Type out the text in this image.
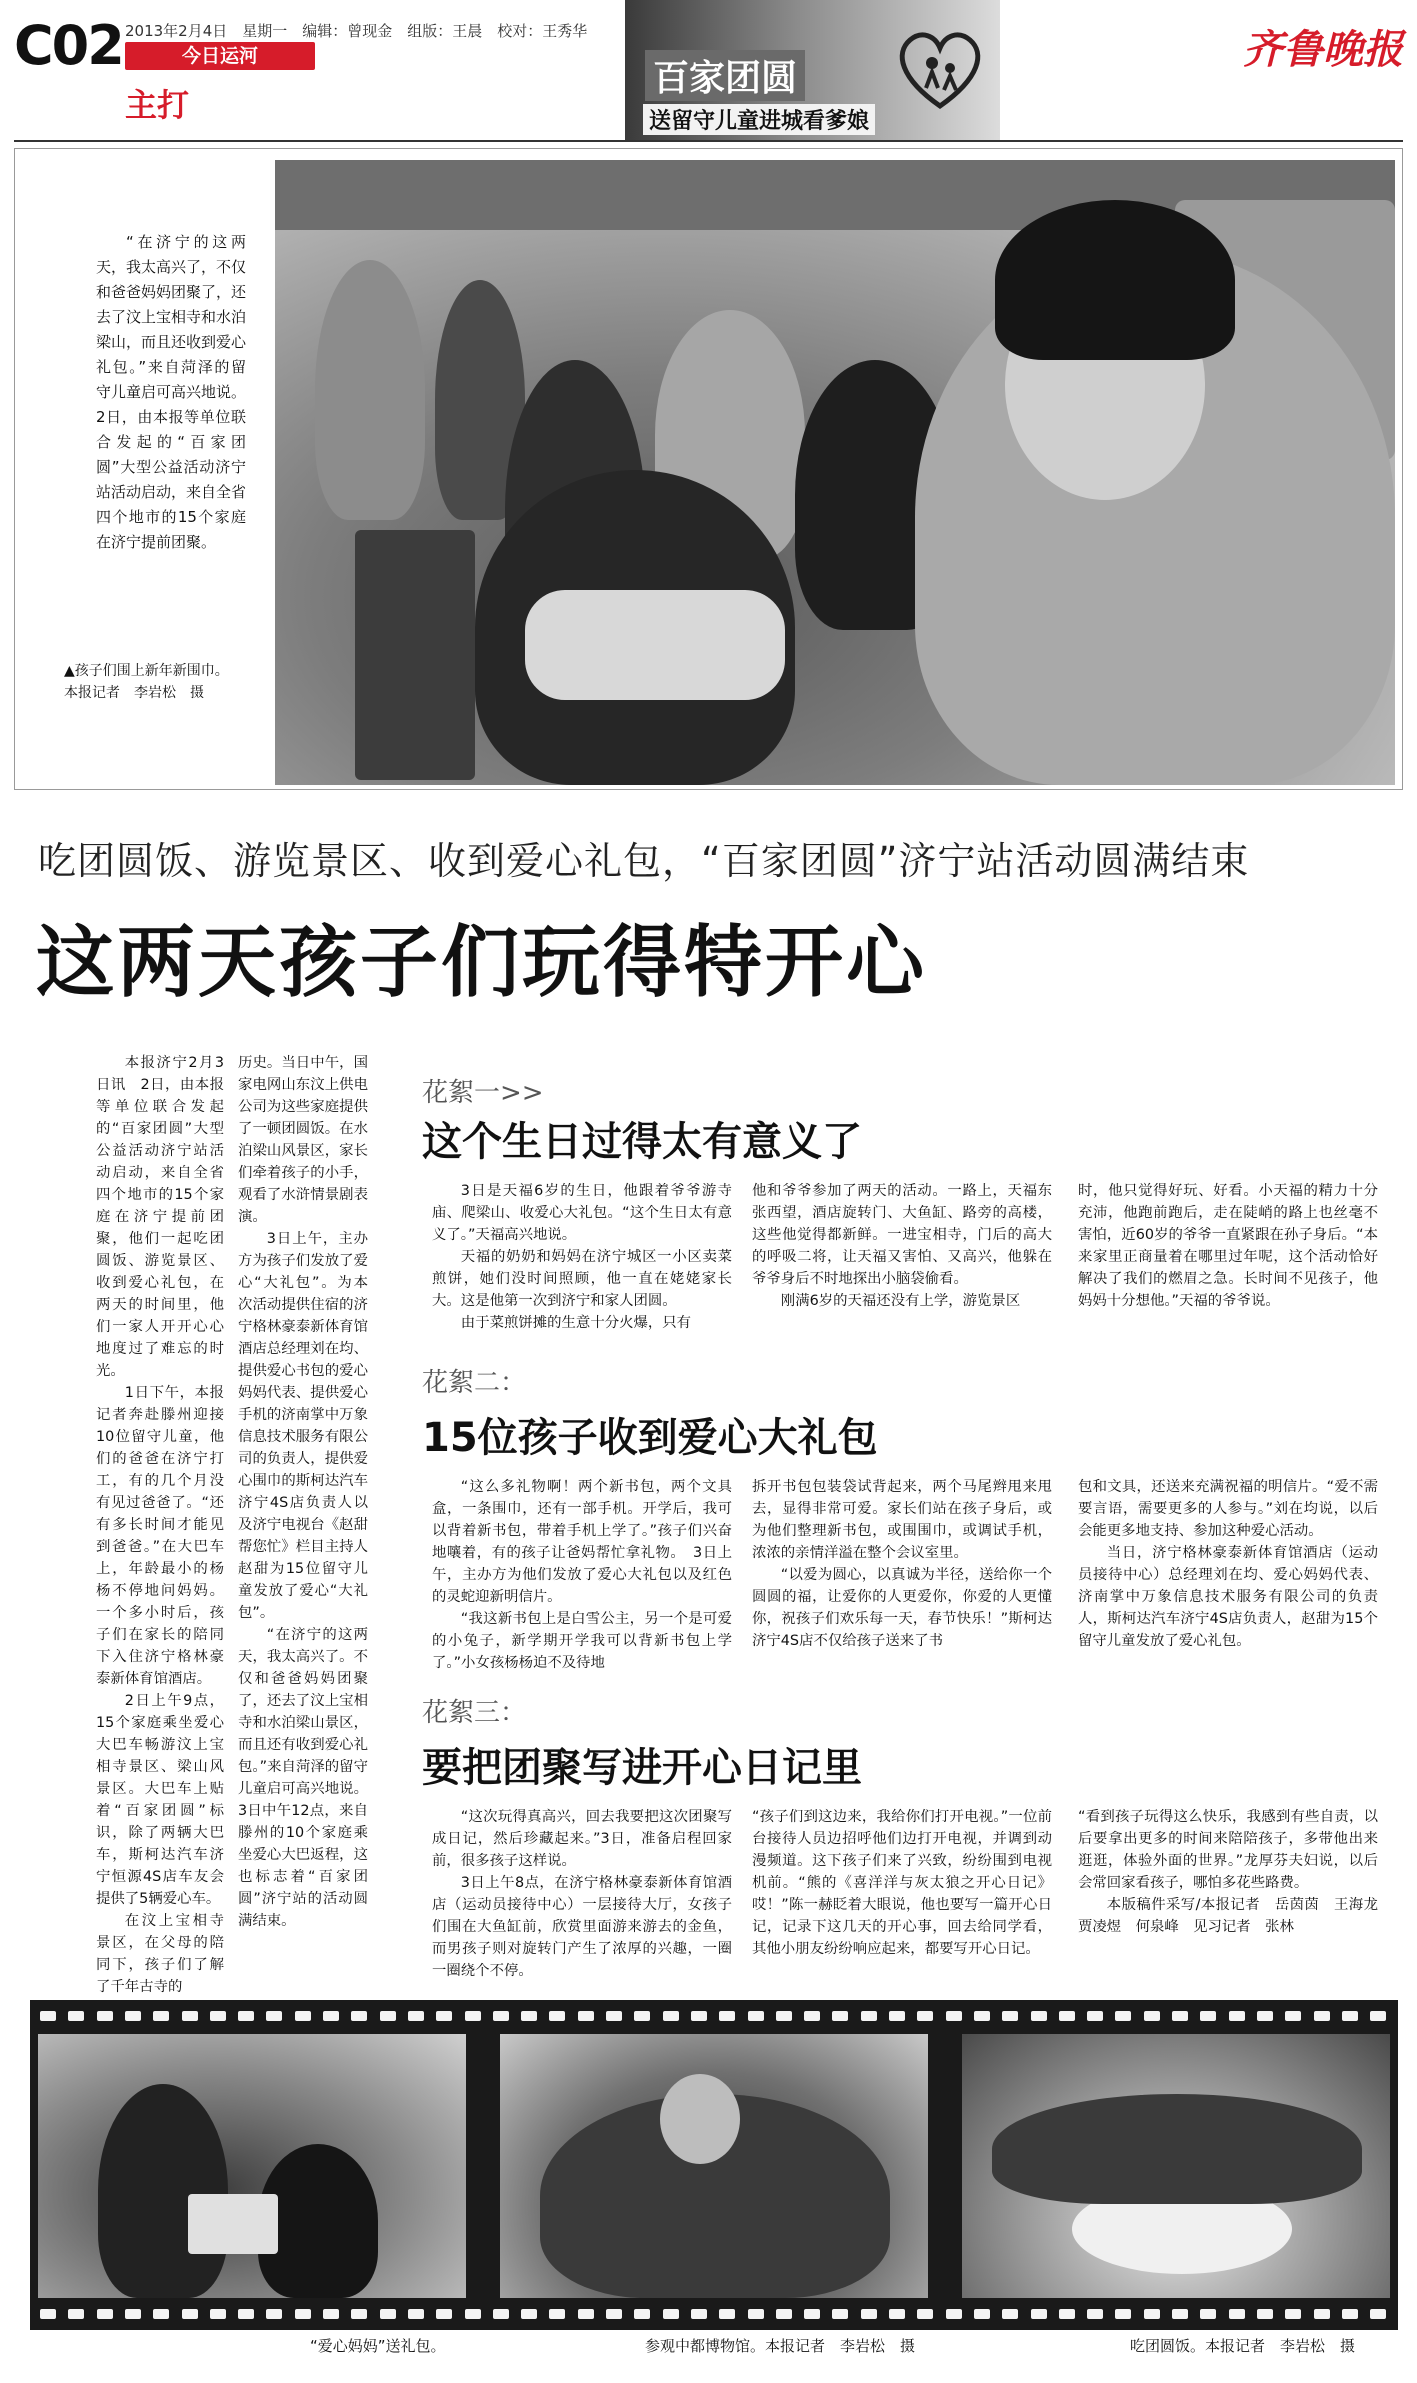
C02 2013年2月4日　星期一　编辑：曾现金　组版：王晨　校对：王秀华
今日运河
主打
百家团圆
送留守儿童进城看爹娘
齐鲁晚报
“在济宁的这两天，我太高兴了，不仅和爸爸妈妈团聚了，还去了汶上宝相寺和水泊梁山，而且还收到爱心礼包。”来自菏泽的留守儿童启可高兴地说。2日，由本报等单位联合发起的“百家团圆”大型公益活动济宁站活动启动，来自全省四个地市的15个家庭在济宁提前团聚。
▲孩子们围上新年新围巾。
本报记者　李岩松　摄
吃团圆饭、游览景区、收到爱心礼包，“百家团圆”济宁站活动圆满结束
这两天孩子们玩得特开心

本报济宁2月3日讯　2日，由本报等单位联合发起的“百家团圆”大型公益活动济宁站活动启动，来自全省四个地市的15个家庭在济宁提前团聚，他们一起吃团圆饭、游览景区、收到爱心礼包，在两天的时间里，他们一家人开开心心地度过了难忘的时光。

1日下午，本报记者奔赴滕州迎接10位留守儿童，他们的爸爸在济宁打工，有的几个月没有见过爸爸了。“还有多长时间才能见到爸爸。”在大巴车上，年龄最小的杨杨不停地问妈妈。一个多小时后，孩子们在家长的陪同下入住济宁格林豪泰新体育馆酒店。

2日上午9点，15个家庭乘坐爱心大巴车畅游汶上宝相寺景区、梁山风景区。大巴车上贴着“百家团圆”标识，除了两辆大巴车，斯柯达汽车济宁恒源4S店车友会提供了5辆爱心车。

在汶上宝相寺景区，在父母的陪同下，孩子们了解了千年古寺的

历史。当日中午，国家电网山东汶上供电公司为这些家庭提供了一顿团圆饭。在水泊梁山风景区，家长们牵着孩子的小手，观看了水浒情景剧表演。

3日上午，主办方为孩子们发放了爱心“大礼包”。为本次活动提供住宿的济宁格林豪泰新体育馆酒店总经理刘在均、提供爱心书包的爱心妈妈代表、提供爱心手机的济南掌中万象信息技术服务有限公司的负责人，提供爱心围巾的斯柯达汽车济宁4S店负责人以及济宁电视台《赵甜帮您忙》栏目主持人赵甜为15位留守儿童发放了爱心“大礼包”。

“在济宁的这两天，我太高兴了。不仅和爸爸妈妈团聚了，还去了汶上宝相寺和水泊梁山景区，而且还有收到爱心礼包。”来自菏泽的留守儿童启可高兴地说。3日中午12点，来自滕州的10个家庭乘坐爱心大巴返程，这也标志着“百家团圆”济宁站的活动圆满结束。

花絮一>>
这个生日过得太有意义了

3日是天福6岁的生日，他跟着爷爷游寺庙、爬梁山、收爱心大礼包。“这个生日太有意义了。”天福高兴地说。

天福的奶奶和妈妈在济宁城区一小区卖菜煎饼，她们没时间照顾，他一直在姥姥家长大。这是他第一次到济宁和家人团圆。

由于菜煎饼摊的生意十分火爆，只有

他和爷爷参加了两天的活动。一路上，天福东张西望，酒店旋转门、大鱼缸、路旁的高楼，这些他觉得都新鲜。一进宝相寺，门后的高大的呼吸二将，让天福又害怕、又高兴，他躲在爷爷身后不时地探出小脑袋偷看。

刚满6岁的天福还没有上学，游览景区

时，他只觉得好玩、好看。小天福的精力十分充沛，他跑前跑后，走在陡峭的路上也丝毫不害怕，近60岁的爷爷一直紧跟在孙子身后。“本来家里正商量着在哪里过年呢，这个活动恰好解决了我们的燃眉之急。长时间不见孩子，他妈妈十分想他。”天福的爷爷说。

花絮二：
15位孩子收到爱心大礼包

“这么多礼物啊！两个新书包，两个文具盒，一条围巾，还有一部手机。开学后，我可以背着新书包，带着手机上学了。”孩子们兴奋地嚷着，有的孩子让爸妈帮忙拿礼物。　3日上午，主办方为他们发放了爱心大礼包以及红色的灵蛇迎新明信片。

“我这新书包上是白雪公主，另一个是可爱的小兔子，新学期开学我可以背新书包上学了。”小女孩杨杨迫不及待地

拆开书包包装袋试背起来，两个马尾辫甩来甩去，显得非常可爱。家长们站在孩子身后，或为他们整理新书包，或围围巾，或调试手机，浓浓的亲情洋溢在整个会议室里。

“以爱为圆心，以真诚为半径，送给你一个圆圆的福，让爱你的人更爱你，你爱的人更懂你，祝孩子们欢乐每一天，春节快乐！”斯柯达济宁4S店不仅给孩子送来了书

包和文具，还送来充满祝福的明信片。“爱不需要言语，需要更多的人参与。”刘在均说，以后会能更多地支持、参加这种爱心活动。

当日，济宁格林豪泰新体育馆酒店（运动员接待中心）总经理刘在均、爱心妈妈代表、济南掌中万象信息技术服务有限公司的负责人，斯柯达汽车济宁4S店负责人，赵甜为15个留守儿童发放了爱心礼包。

花絮三：
要把团聚写进开心日记里

“这次玩得真高兴，回去我要把这次团聚写成日记，然后珍藏起来。”3日，准备启程回家前，很多孩子这样说。

3日上午8点，在济宁格林豪泰新体育馆酒店（运动员接待中心）一层接待大厅，女孩子们围在大鱼缸前，欣赏里面游来游去的金鱼，而男孩子则对旋转门产生了浓厚的兴趣，一圈一圈绕个不停。

“孩子们到这边来，我给你们打开电视。”一位前台接待人员边招呼他们边打开电视，并调到动漫频道。这下孩子们来了兴致，纷纷围到电视机前。“熊的《喜洋洋与灰太狼之开心日记》哎！”陈一赫眨着大眼说，他也要写一篇开心日记，记录下这几天的开心事，回去给同学看，其他小朋友纷纷响应起来，都要写开心日记。

“看到孩子玩得这么快乐，我感到有些自责，以后要拿出更多的时间来陪陪孩子，多带他出来逛逛，体验外面的世界。”龙厚芬夫妇说，以后会常回家看孩子，哪怕多花些路费。

本版稿件采写/本报记者　岳茵茵　王海龙　贾凌煜　何泉峰　见习记者　张林

“爱心妈妈”送礼包。	参观中都博物馆。本报记者　李岩松　摄	吃团圆饭。本报记者　李岩松　摄
